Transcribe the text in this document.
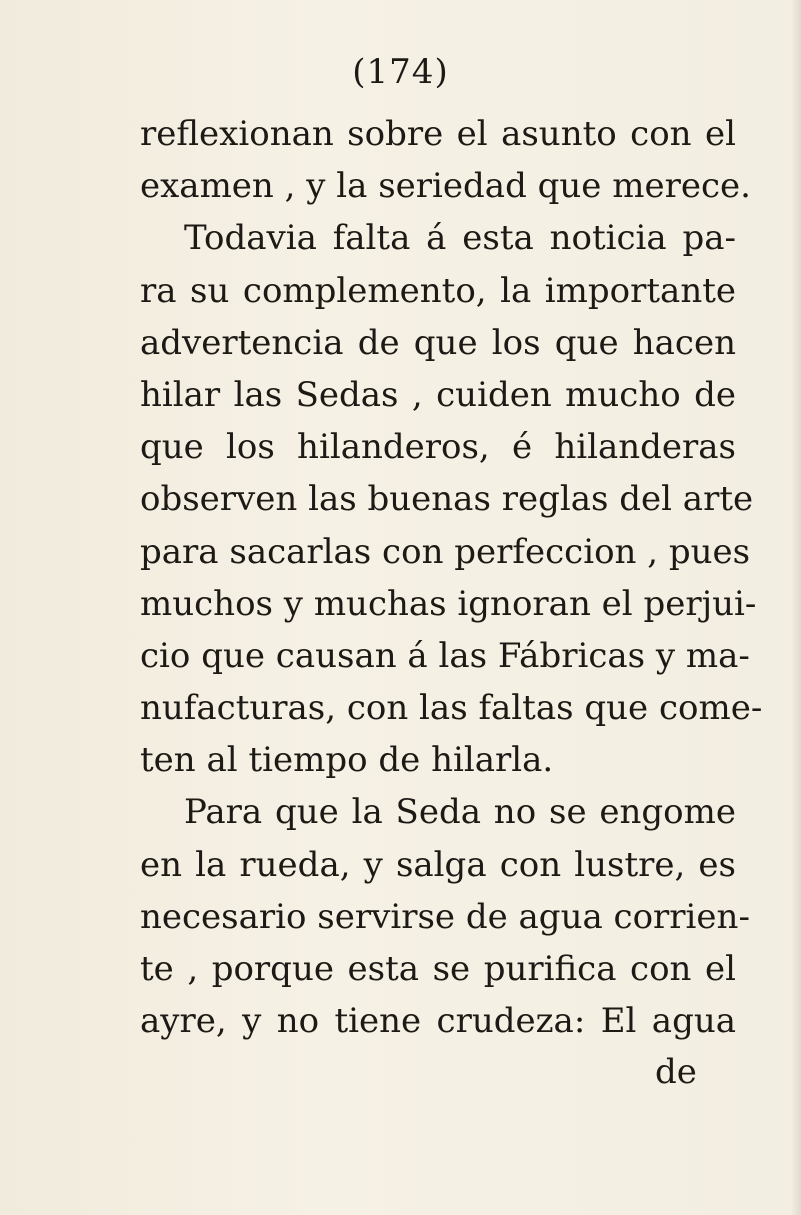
(174)
reflexionan sobre el asunto con el
examen , y la seriedad que merece.
Todavia falta á esta noticia pa-
ra su complemento, la importante
advertencia de que los que hacen
hilar las Sedas , cuiden mucho de
que los hilanderos, é hilanderas
observen las buenas reglas del arte
para sacarlas con perfeccion , pues
muchos y muchas ignoran el perjui-
cio que causan á las Fábricas y ma-
nufacturas, con las faltas que come-
ten al tiempo de hilarla.
Para que la Seda no se engome
en la rueda, y salga con lustre, es
necesario servirse de agua corrien-
te , porque esta se purifica con el
ayre, y no tiene crudeza: El agua
de
